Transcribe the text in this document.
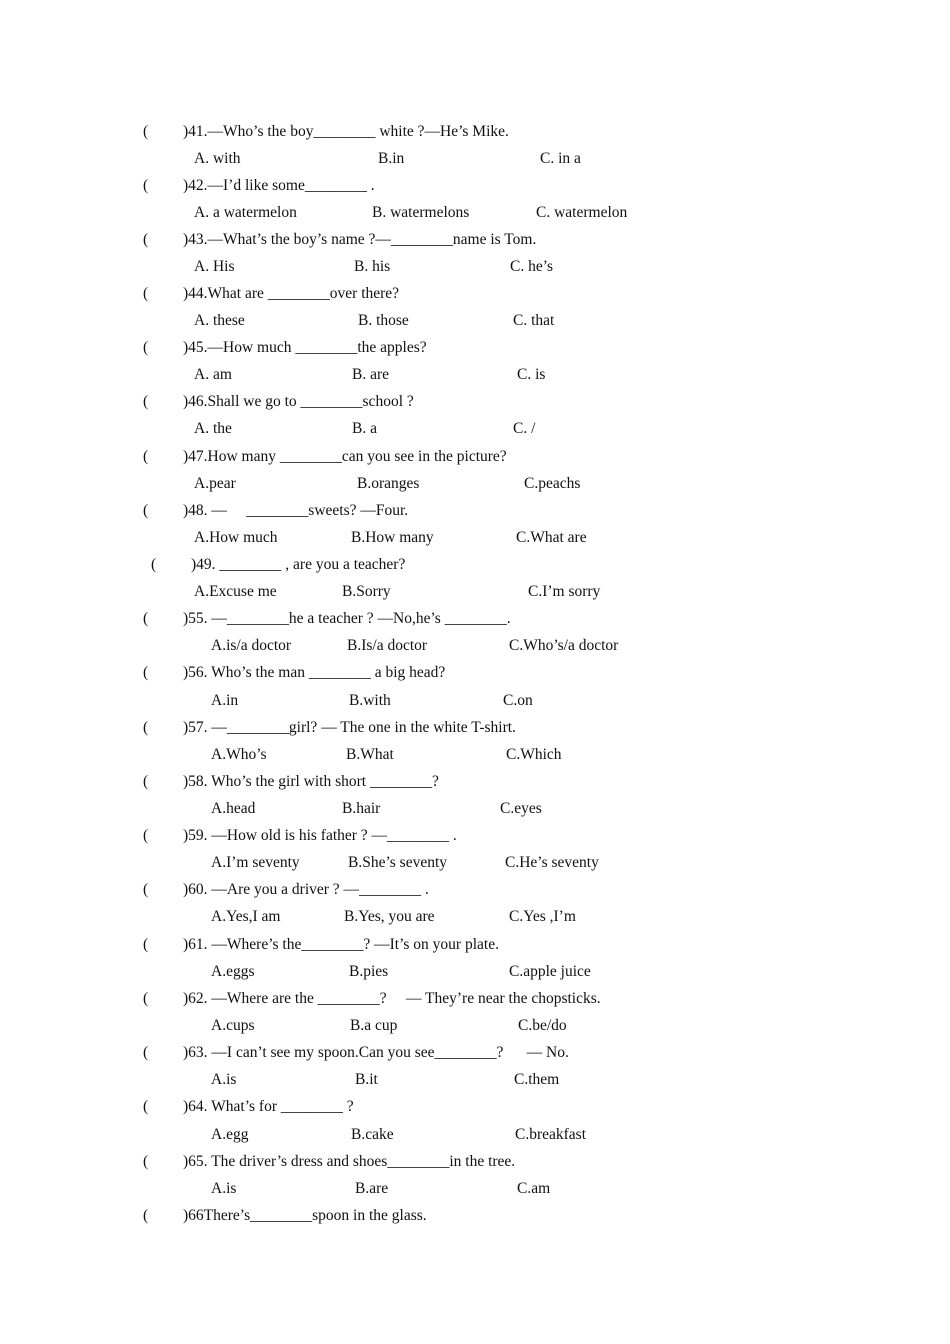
( )41.—Who’s the boy________ white ?—He’s Mike.
A. with	B.in	C. in a
( )42.—I’d like some________ .
A. a watermelon	B. watermelons	C. watermelon
( )43.—What’s the boy’s name ?—________name is Tom.
A. His	B. his	C. he’s
( )44.What are ________over there?
A. these	B. those	C. that
( )45.—How much ________the apples?
A. am	B. are	C. is
( )46.Shall we go to ________school ?
A. the	B. a	C. /
( )47.How many ________can you see in the picture?
A.pear	B.oranges	C.peachs
( )48. —     ________sweets? —Four.
A.How much	B.How many	C.What are
( )49. ________ , are you a teacher?
A.Excuse me	B.Sorry	C.I’m sorry
( )55. —________he a teacher ? —No,he’s ________.
A.is/a doctor	B.Is/a doctor	C.Who’s/a doctor
( )56. Who’s the man ________ a big head?
A.in	B.with	C.on
( )57. —________girl? — The one in the white T-shirt.
A.Who’s	B.What	C.Which
( )58. Who’s the girl with short ________?
A.head	B.hair	C.eyes
( )59. —How old is his father ? —________ .
A.I’m seventy	B.She’s seventy	C.He’s seventy
( )60. —Are you a driver ? —________ .
A.Yes,I am	B.Yes, you are	C.Yes ,I’m
( )61. —Where’s the________? —It’s on your plate.
A.eggs	B.pies	C.apple juice
( )62. —Where are the ________?     — They’re near the chopsticks.
A.cups	B.a cup	C.be/do
( )63. —I can’t see my spoon.Can you see________?      — No.
A.is	B.it	C.them
( )64. What’s for ________ ?
A.egg	B.cake	C.breakfast
( )65. The driver’s dress and shoes________in the tree.
A.is	B.are	C.am
( )66There’s________spoon in the glass.
